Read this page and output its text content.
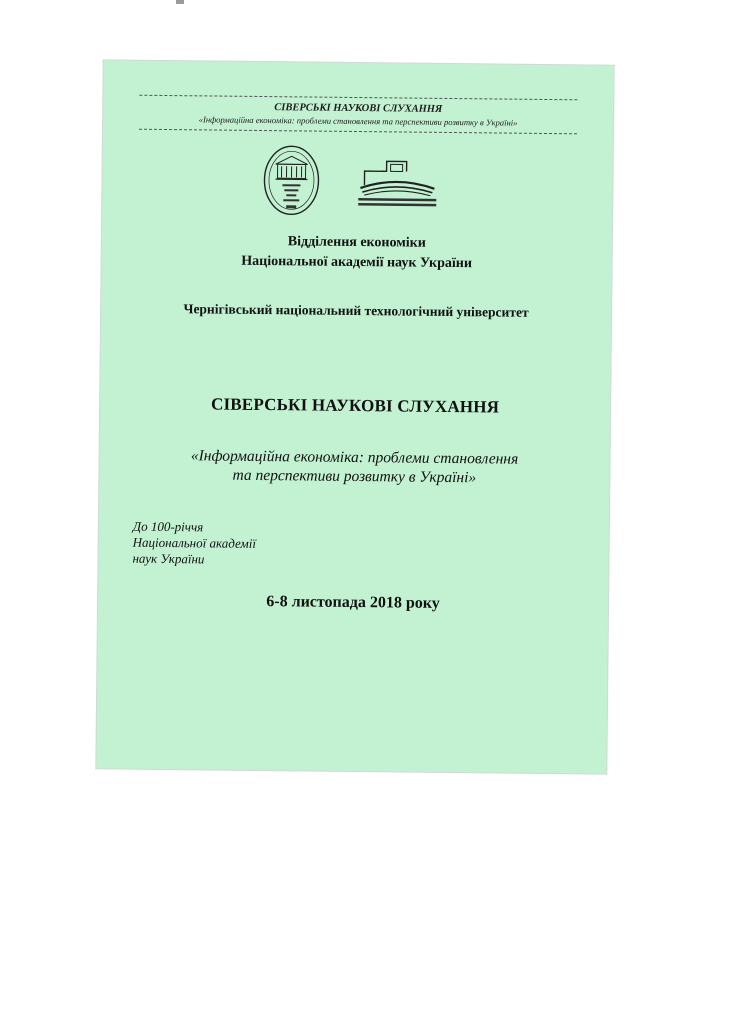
СІВЕРСЬКІ НАУКОВІ СЛУХАННЯ
«Інформаційна економіка: проблеми становлення та перспективи розвитку в Україні»
Відділення економіки
Національної академії наук України
Чернігівський національний технологічний університет
СІВЕРСЬКІ НАУКОВІ СЛУХАННЯ
«Інформаційна економіка: проблеми становлення
та перспективи розвитку в Україні»
До 100-річчя
Національної академії
наук України
6-8 листопада 2018 року
